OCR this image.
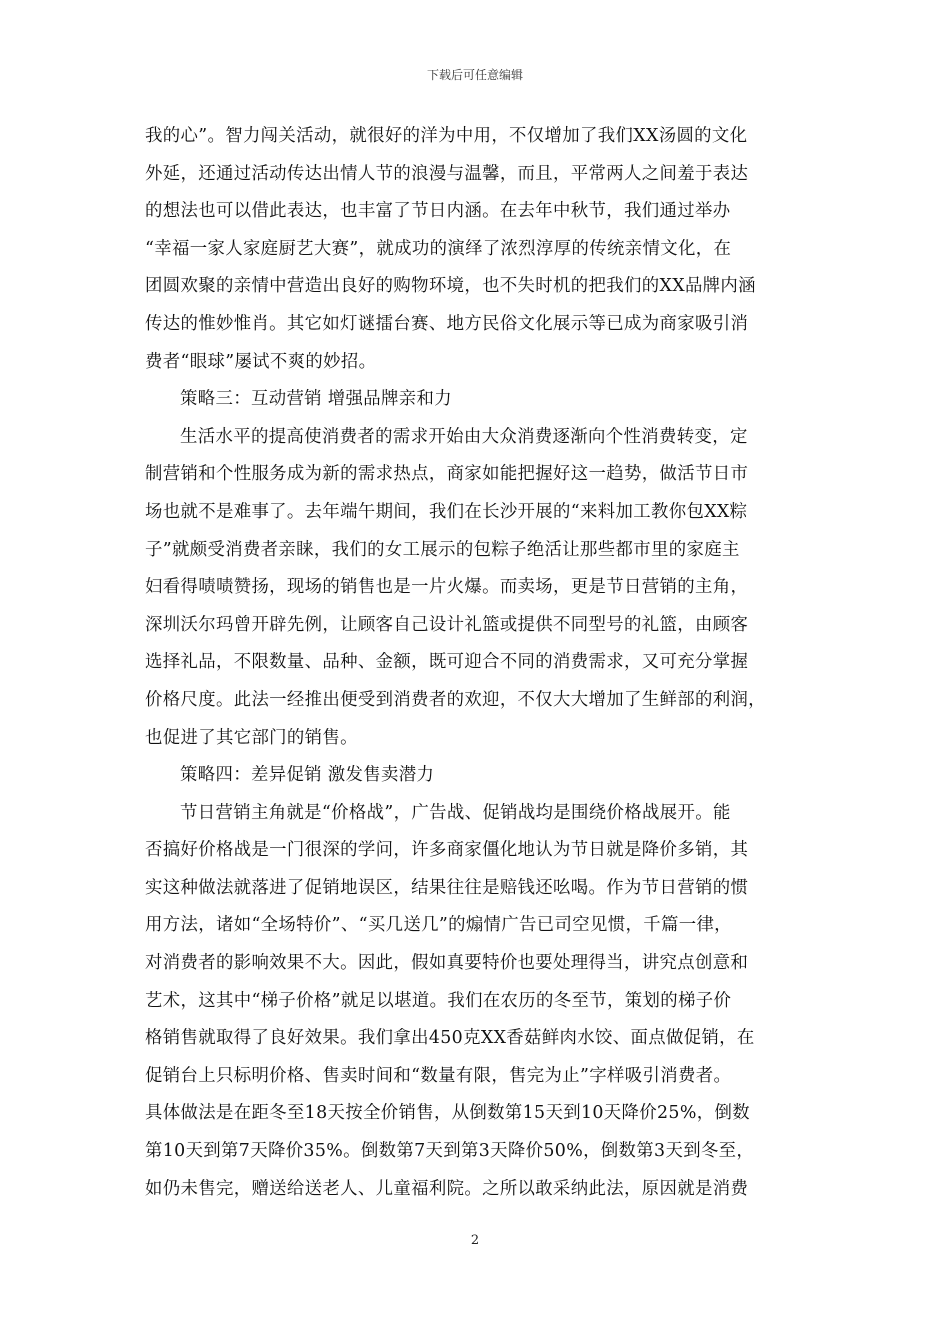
下载后可任意编辑
我的心”。智力闯关活动，就很好的洋为中用，不仅增加了我们XX汤圆的文化
外延，还通过活动传达出情人节的浪漫与温馨，而且，平常两人之间羞于表达
的想法也可以借此表达，也丰富了节日内涵。在去年中秋节，我们通过举办
“幸福一家人家庭厨艺大赛”，就成功的演绎了浓烈淳厚的传统亲情文化，在
团圆欢聚的亲情中营造出良好的购物环境，也不失时机的把我们的XX品牌内涵
传达的惟妙惟肖。其它如灯谜擂台赛、地方民俗文化展示等已成为商家吸引消
费者“眼球”屡试不爽的妙招。
策略三：互动营销 增强品牌亲和力
生活水平的提高使消费者的需求开始由大众消费逐渐向个性消费转变，定
制营销和个性服务成为新的需求热点，商家如能把握好这一趋势，做活节日市
场也就不是难事了。去年端午期间，我们在长沙开展的“来料加工教你包XX粽
子”就颇受消费者亲睐，我们的女工展示的包粽子绝活让那些都市里的家庭主
妇看得啧啧赞扬，现场的销售也是一片火爆。而卖场，更是节日营销的主角，
深圳沃尔玛曾开辟先例，让顾客自己设计礼篮或提供不同型号的礼篮，由顾客
选择礼品，不限数量、品种、金额，既可迎合不同的消费需求，又可充分掌握
价格尺度。此法一经推出便受到消费者的欢迎，不仅大大增加了生鲜部的利润，
也促进了其它部门的销售。
策略四：差异促销 激发售卖潜力
节日营销主角就是“价格战”，广告战、促销战均是围绕价格战展开。能
否搞好价格战是一门很深的学问，许多商家僵化地认为节日就是降价多销，其
实这种做法就落进了促销地误区，结果往往是赔钱还吆喝。作为节日营销的惯
用方法，诸如“全场特价”、“买几送几”的煽情广告已司空见惯，千篇一律，
对消费者的影响效果不大。因此，假如真要特价也要处理得当，讲究点创意和
艺术，这其中“梯子价格”就足以堪道。我们在农历的冬至节，策划的梯子价
格销售就取得了良好效果。我们拿出450克XX香菇鲜肉水饺、面点做促销，在
促销台上只标明价格、售卖时间和“数量有限，售完为止”字样吸引消费者。
具体做法是在距冬至18天按全价销售，从倒数第15天到10天降价25%，倒数
第10天到第7天降价35%。倒数第7天到第3天降价50%，倒数第3天到冬至，
如仍未售完，赠送给送老人、儿童福利院。之所以敢采纳此法，原因就是消费
2
